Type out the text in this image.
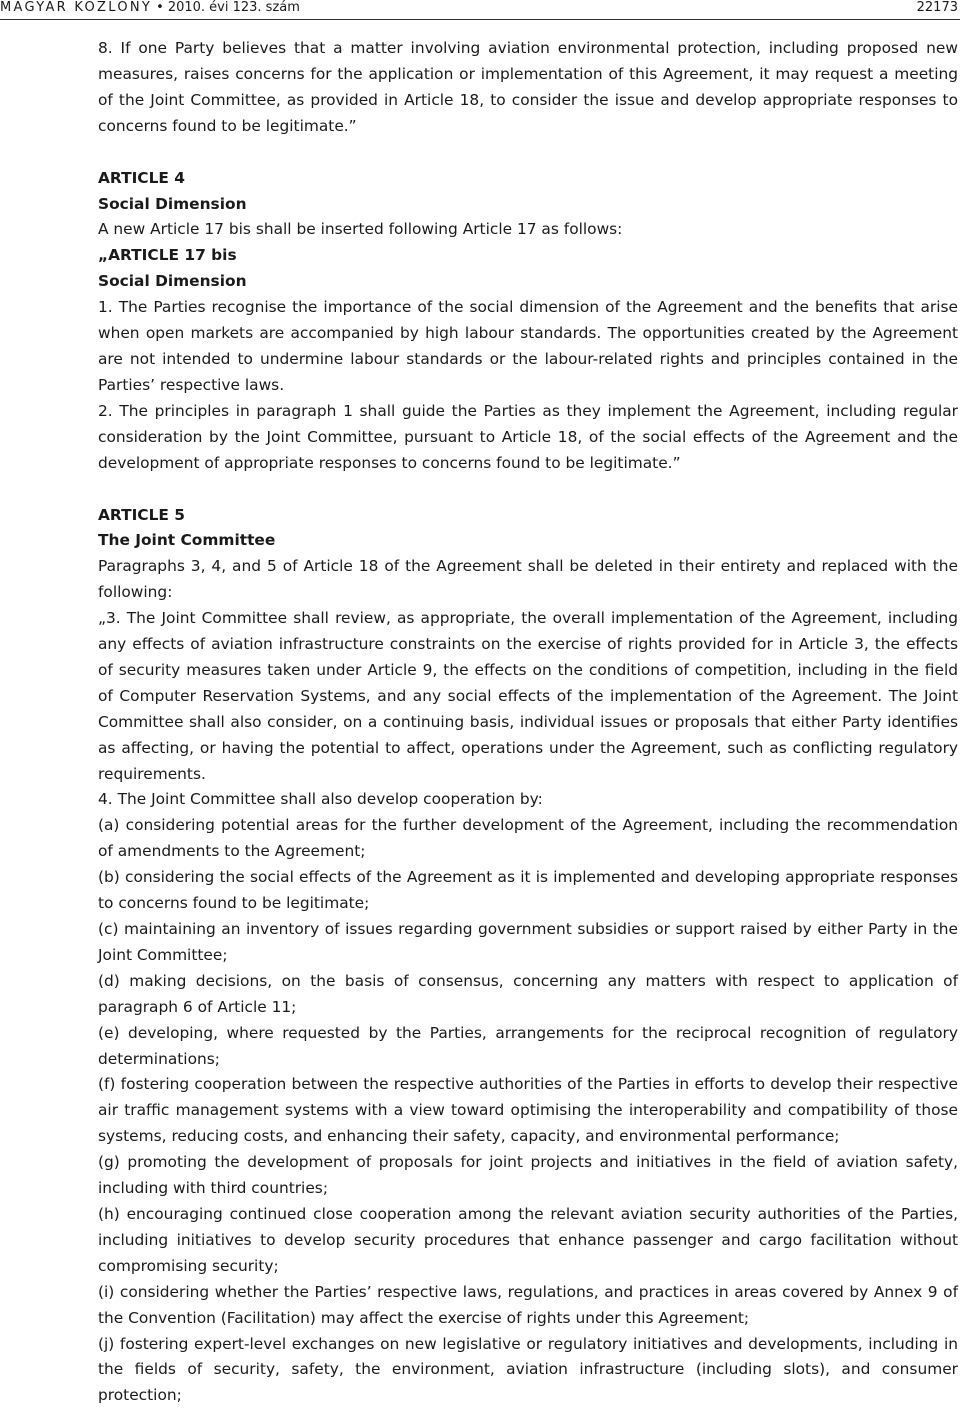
MAGYAR KÖZLÖNY • 2010. évi 123. szám	22173

8. If one Party believes that a matter involving aviation environmental protection, including proposed new measures, raises concerns for the application or implementation of this Agreement, it may request a meeting of the Joint Committee, as provided in Article 18, to consider the issue and develop appropriate responses to concerns found to be legitimate.”

ARTICLE 4

Social Dimension

A new Article 17 bis shall be inserted following Article 17 as follows:

„ARTICLE 17 bis

Social Dimension

1. The Parties recognise the importance of the social dimension of the Agreement and the benefits that arise when open markets are accompanied by high labour standards. The opportunities created by the Agreement are not intended to undermine labour standards or the labour-related rights and principles contained in the Parties’ respective laws.

2. The principles in paragraph 1 shall guide the Parties as they implement the Agreement, including regular consideration by the Joint Committee, pursuant to Article 18, of the social effects of the Agreement and the development of appropriate responses to concerns found to be legitimate.”

ARTICLE 5

The Joint Committee

Paragraphs 3, 4, and 5 of Article 18 of the Agreement shall be deleted in their entirety and replaced with the following:

„3. The Joint Committee shall review, as appropriate, the overall implementation of the Agreement, including any effects of aviation infrastructure constraints on the exercise of rights provided for in Article 3, the effects of security measures taken under Article 9, the effects on the conditions of competition, including in the field of Computer Reservation Systems, and any social effects of the implementation of the Agreement. The Joint Committee shall also consider, on a continuing basis, individual issues or proposals that either Party identifies as affecting, or having the potential to affect, operations under the Agreement, such as conflicting regulatory requirements.

4. The Joint Committee shall also develop cooperation by:

(a) considering potential areas for the further development of the Agreement, including the recommendation of amendments to the Agreement;

(b) considering the social effects of the Agreement as it is implemented and developing appropriate responses to concerns found to be legitimate;

(c) maintaining an inventory of issues regarding government subsidies or support raised by either Party in the Joint Committee;

(d) making decisions, on the basis of consensus, concerning any matters with respect to application of paragraph 6 of Article 11;

(e) developing, where requested by the Parties, arrangements for the reciprocal recognition of regulatory determinations;

(f) fostering cooperation between the respective authorities of the Parties in efforts to develop their respective air traffic management systems with a view toward optimising the interoperability and compatibility of those systems, reducing costs, and enhancing their safety, capacity, and environmental performance;

(g) promoting the development of proposals for joint projects and initiatives in the field of aviation safety, including with third countries;

(h) encouraging continued close cooperation among the relevant aviation security authorities of the Parties, including initiatives to develop security procedures that enhance passenger and cargo facilitation without compromising security;

(i) considering whether the Parties’ respective laws, regulations, and practices in areas covered by Annex 9 of the Convention (Facilitation) may affect the exercise of rights under this Agreement;

(j) fostering expert-level exchanges on new legislative or regulatory initiatives and developments, including in the fields of security, safety, the environment, aviation infrastructure (including slots), and consumer protection;
